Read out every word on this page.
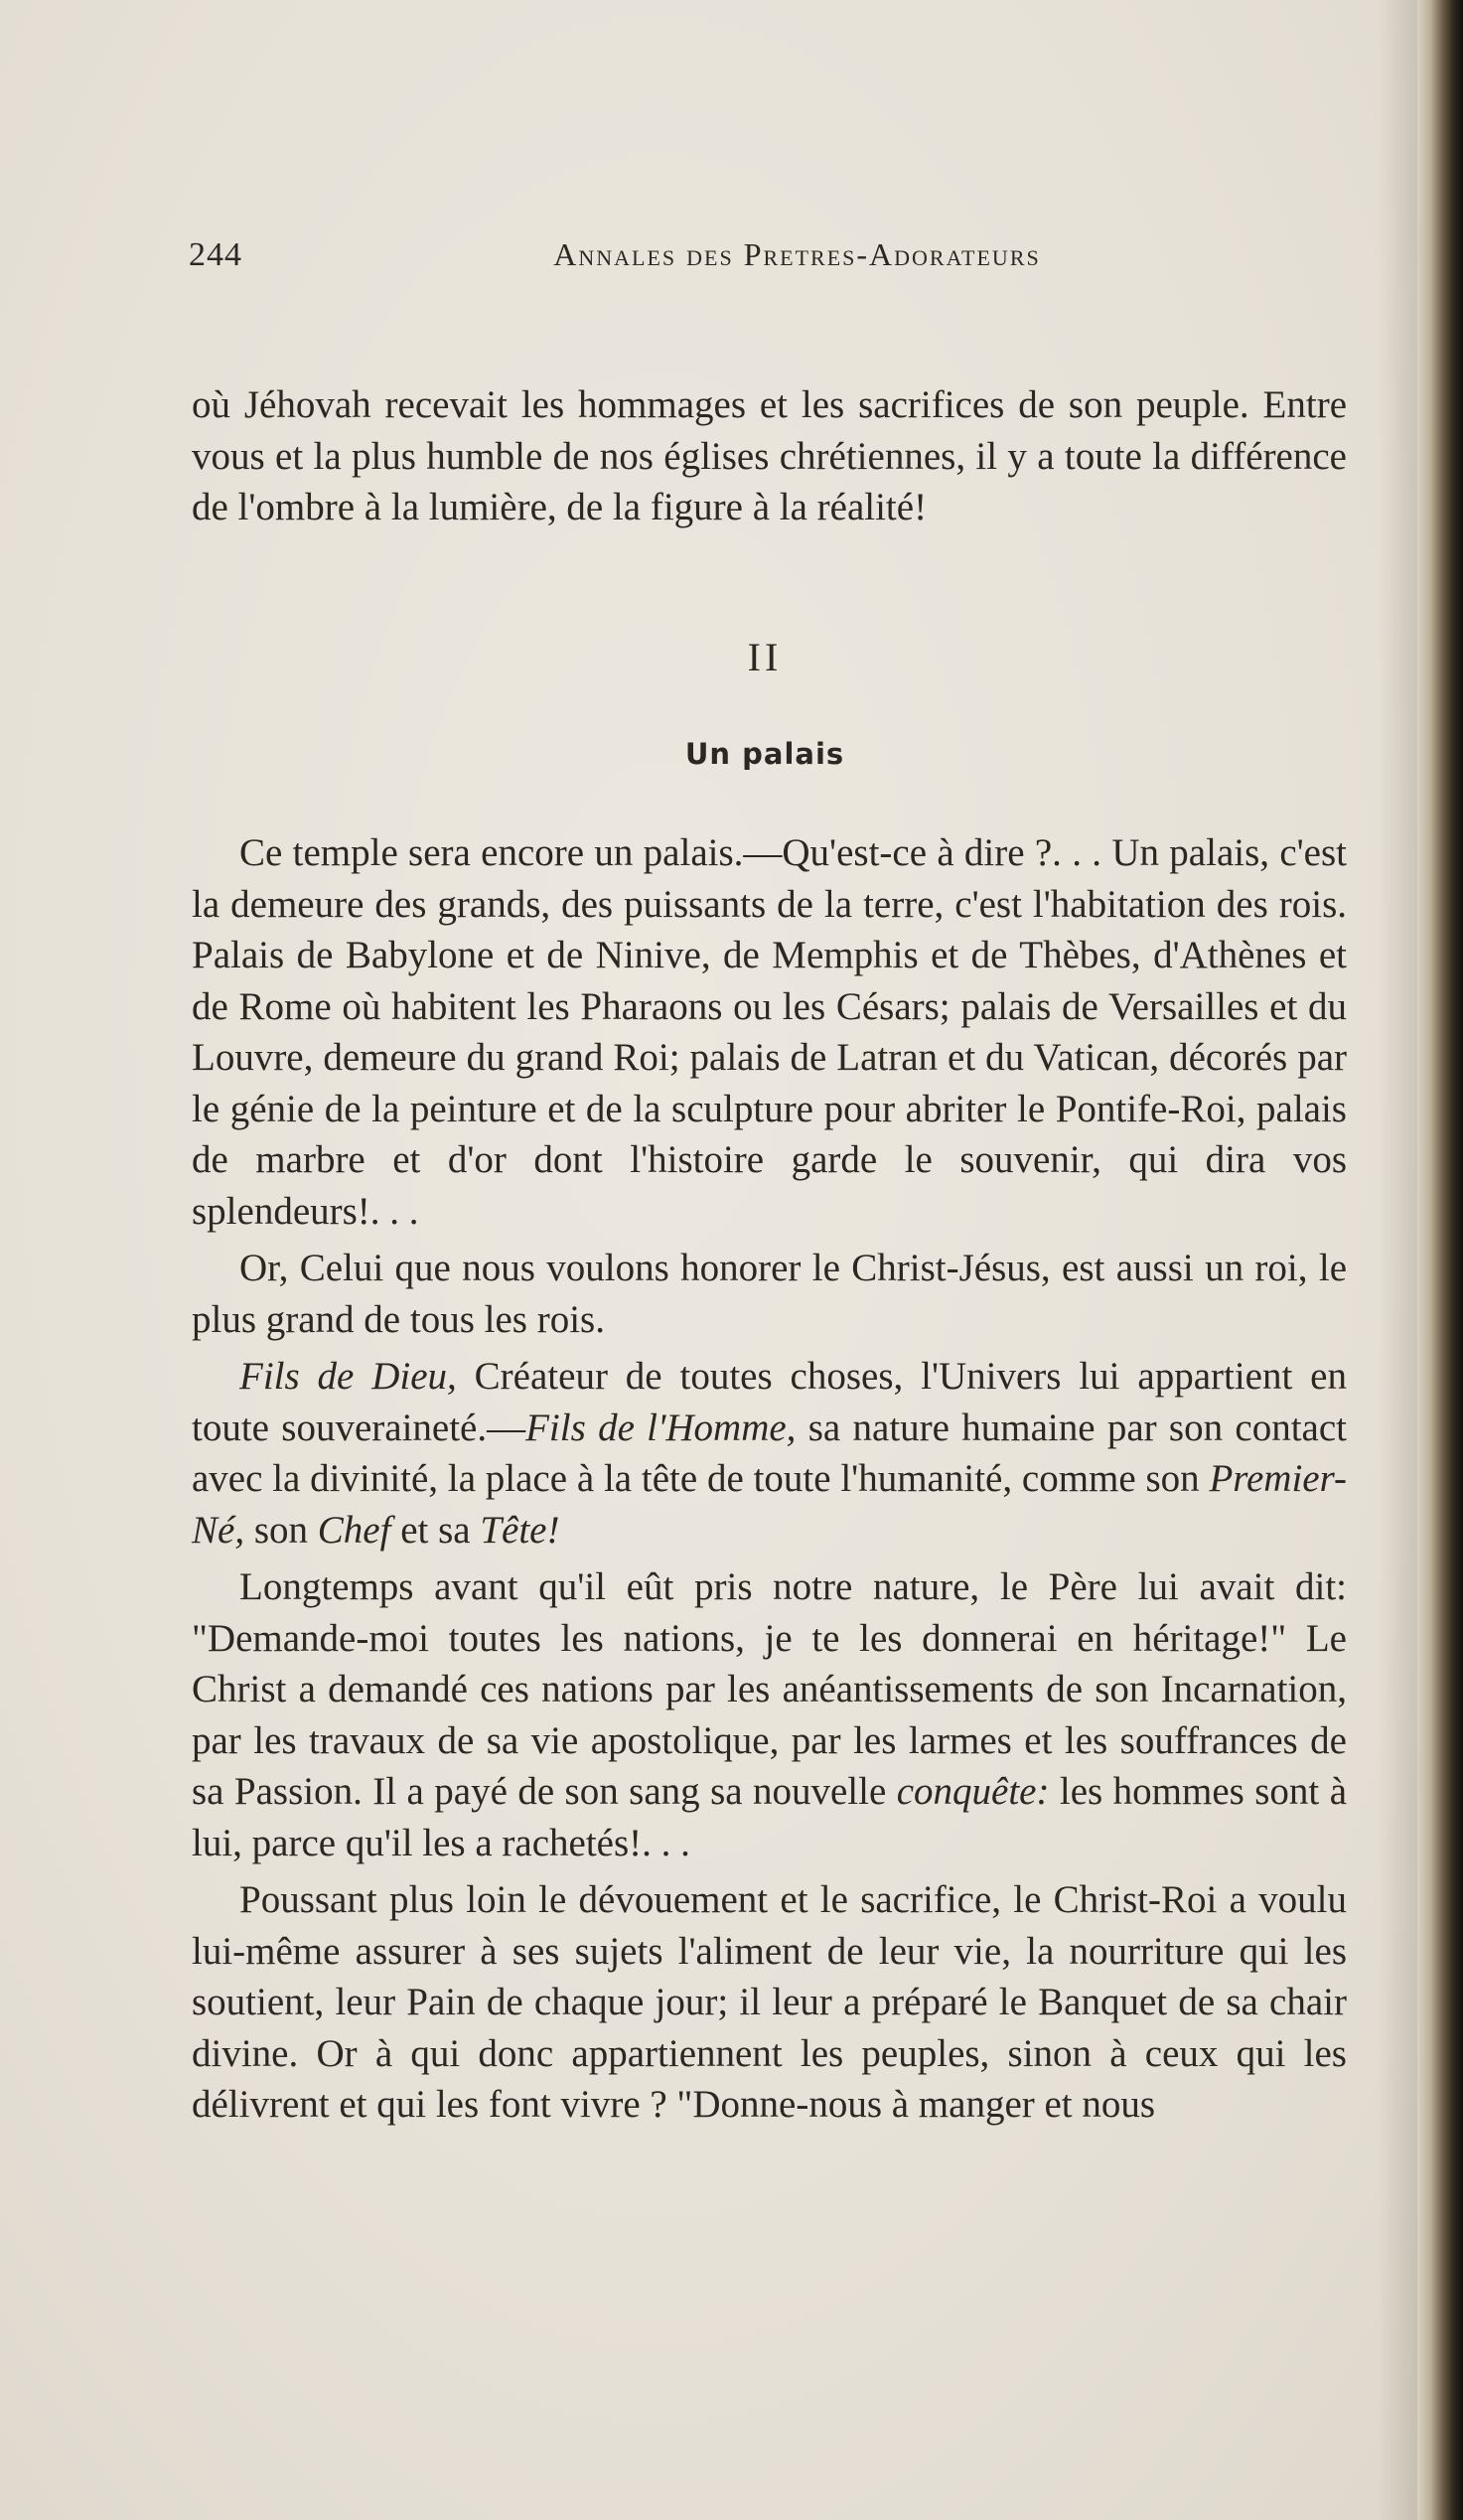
244	Annales des Pretres-Adorateurs

où Jéhovah recevait les hommages et les sacrifices de son peuple. Entre vous et la plus humble de nos églises chrétiennes, il y a toute la différence de l'ombre à la lumière, de la figure à la réalité!

II
Un palais

Ce temple sera encore un palais.—Qu'est-ce à dire ?. . . Un palais, c'est la demeure des grands, des puissants de la terre, c'est l'habitation des rois. Palais de Babylone et de Ninive, de Memphis et de Thèbes, d'Athènes et de Rome où habitent les Pharaons ou les Césars; palais de Versailles et du Louvre, demeure du grand Roi; palais de Latran et du Vatican, décorés par le génie de la peinture et de la sculpture pour abriter le Pontife-Roi, palais de marbre et d'or dont l'histoire garde le souvenir, qui dira vos splendeurs!. . .

Or, Celui que nous voulons honorer le Christ-Jésus, est aussi un roi, le plus grand de tous les rois.

Fils de Dieu, Créateur de toutes choses, l'Univers lui appartient en toute souveraineté.—Fils de l'Homme, sa nature humaine par son contact avec la divinité, la place à la tête de toute l'humanité, comme son Premier-Né, son Chef et sa Tête!

Longtemps avant qu'il eût pris notre nature, le Père lui avait dit: "Demande-moi toutes les nations, je te les donnerai en héritage!" Le Christ a demandé ces nations par les anéantissements de son Incarnation, par les travaux de sa vie apostolique, par les larmes et les souffrances de sa Passion. Il a payé de son sang sa nouvelle conquête: les hommes sont à lui, parce qu'il les a rachetés!. . .

Poussant plus loin le dévouement et le sacrifice, le Christ-Roi a voulu lui-même assurer à ses sujets l'aliment de leur vie, la nourriture qui les soutient, leur Pain de chaque jour; il leur a préparé le Banquet de sa chair divine. Or à qui donc appartiennent les peuples, sinon à ceux qui les délivrent et qui les font vivre ? "Donne-nous à manger et nous
